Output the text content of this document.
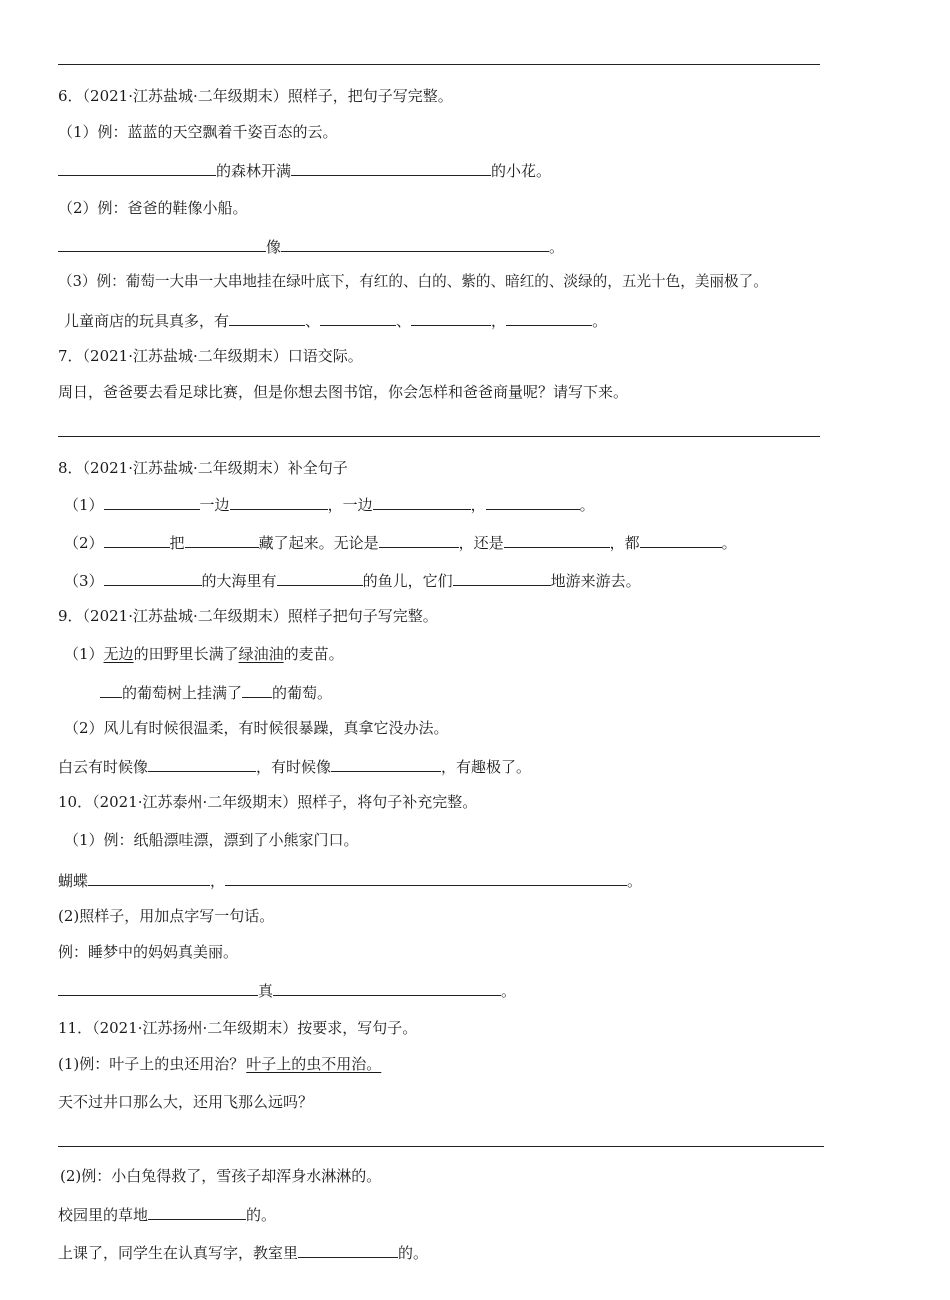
6．（2021·江苏盐城·二年级期末）照样子，把句子写完整。
（1）例：蓝蓝的天空飘着千姿百态的云。
的森林开满	的小花。
（2）例：爸爸的鞋像小船。
像	。
（3）例：葡萄一大串一大串地挂在绿叶底下，有红的、白的、紫的、暗红的、淡绿的，五光十色，美丽极了。
儿童商店的玩具真多，有	、	、	，	。
7．（2021·江苏盐城·二年级期末）口语交际。
周日，爸爸要去看足球比赛，但是你想去图书馆，你会怎样和爸爸商量呢？请写下来。
8．（2021·江苏盐城·二年级期末）补全句子
（1）	一边	，一边	，	。
（2）	把	藏了起来。无论是	，还是	，都	。
（3）	的大海里有	的鱼儿，它们	地游来游去。
9．（2021·江苏盐城·二年级期末）照样子把句子写完整。
（1）无边的田野里长满了绿油油的麦苗。
的葡萄树上挂满了 的葡萄。
（2）风儿有时候很温柔，有时候很暴躁，真拿它没办法。
白云有时候像	，有时候像	，有趣极了。
10．（2021·江苏泰州·二年级期末）照样子，将句子补充完整。
（1）例：纸船漂哇漂，漂到了小熊家门口。
蝴蝶	，	。
(2)照样子，用加点字写一句话。
例：睡梦中的妈妈真美丽。
真	。
11．（2021·江苏扬州·二年级期末）按要求，写句子。
(1)例：叶子上的虫还用治？ 叶子上的虫不用治。
天不过井口那么大，还用飞那么远吗？
(2)例：小白兔得救了，雪孩子却浑身水淋淋的。
校园里的草地	的。
上课了，同学生在认真写字，教室里	的。
